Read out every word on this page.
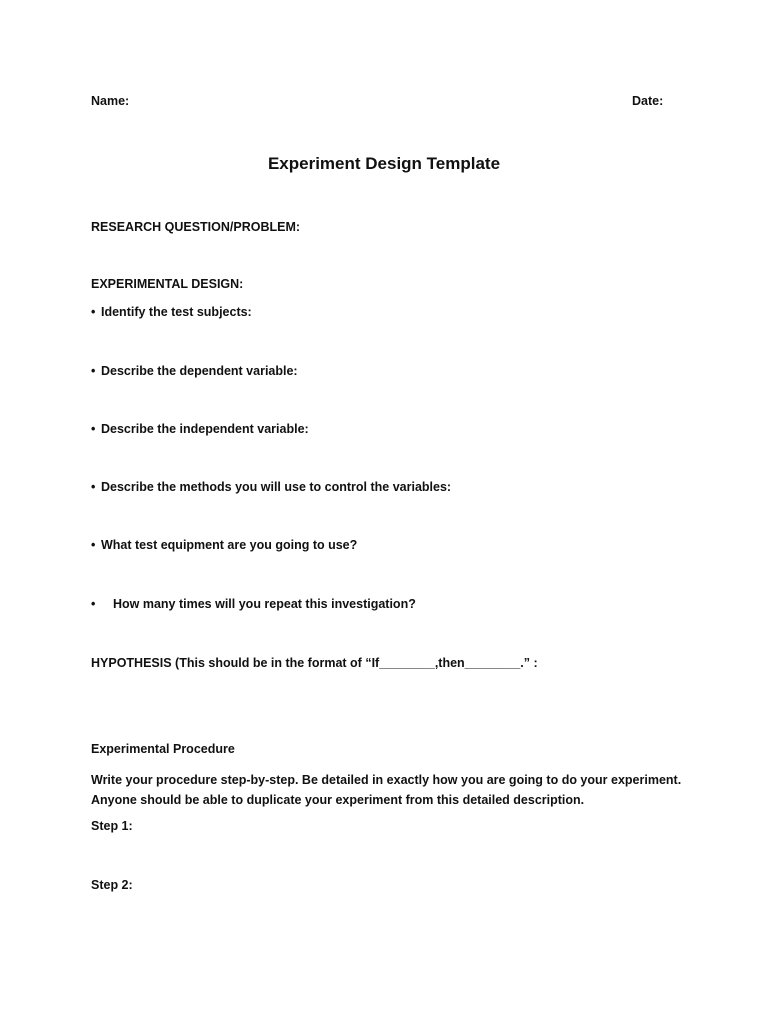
Name:	Date:
Experiment Design Template
RESEARCH QUESTION/PROBLEM:
EXPERIMENTAL DESIGN:
• Identify the test subjects:
• Describe the dependent variable:
• Describe the independent variable:
• Describe the methods you will use to control the variables:
• What test equipment are you going to use?
• How many times will you repeat this investigation?
HYPOTHESIS (This should be in the format of “If________,then________.” :
Experimental Procedure
Write your procedure step-by-step. Be detailed in exactly how you are going to do your experiment.
Anyone should be able to duplicate your experiment from this detailed description.
Step 1:
Step 2:
